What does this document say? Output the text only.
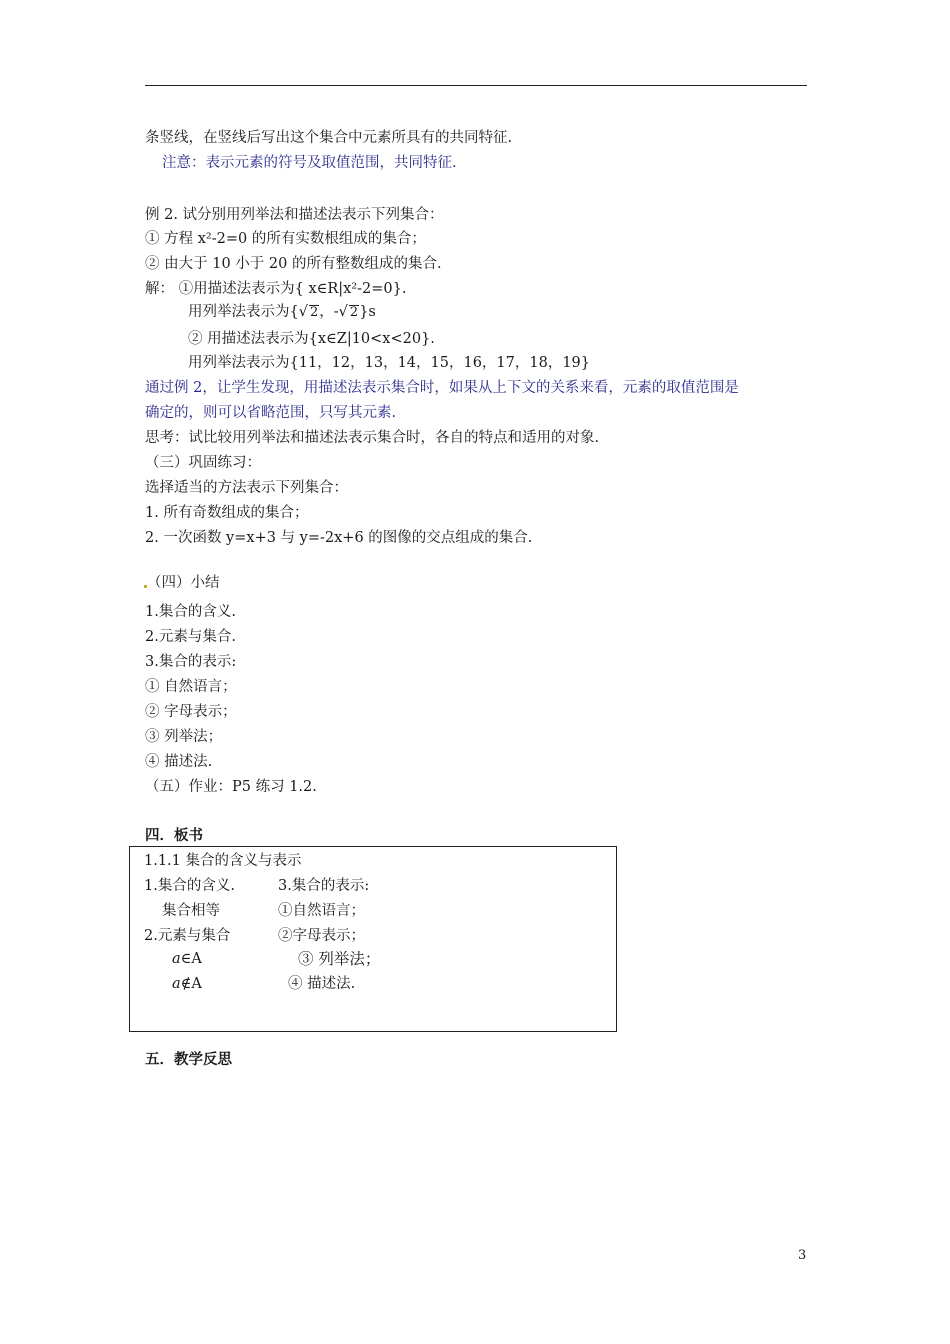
条竖线，在竖线后写出这个集合中元素所具有的共同特征.
注意：表示元素的符号及取值范围，共同特征.
例 2. 试分别用列举法和描述法表示下列集合：
① 方程 x²-2=0 的所有实数根组成的集合；
② 由大于 10 小于 20 的所有整数组成的集合.
解： ①用描述法表示为{ x∈R|x²-2=0}.
用列举法表示为{√ 2，-√ 2}s
② 用描述法表示为{x∈Z|10<x<20}.
用列举法表示为{11，12，13，14，15，16，17，18，19}
通过例 2，让学生发现，用描述法表示集合时，如果从上下文的关系来看，元素的取值范围是
确定的，则可以省略范围，只写其元素.
思考：试比较用列举法和描述法表示集合时，各自的特点和适用的对象.
（三）巩固练习：
选择适当的方法表示下列集合：
1. 所有奇数组成的集合；
2. 一次函数 y=x+3 与 y=-2x+6 的图像的交点组成的集合.
（四）小结
1.集合的含义.
2.元素与集合.
3.集合的表示:
① 自然语言；
② 字母表示；
③ 列举法；
④ 描述法.
（五）作业：P5 练习 1.2.
四．板书
1.1.1 集合的含义与表示
1.集合的含义.
集合相等
2.元素与集合
a∈A
a∉A
3.集合的表示:
①自然语言；
②字母表示；
③ 列举法；
④ 描述法.
五．教学反思
3
